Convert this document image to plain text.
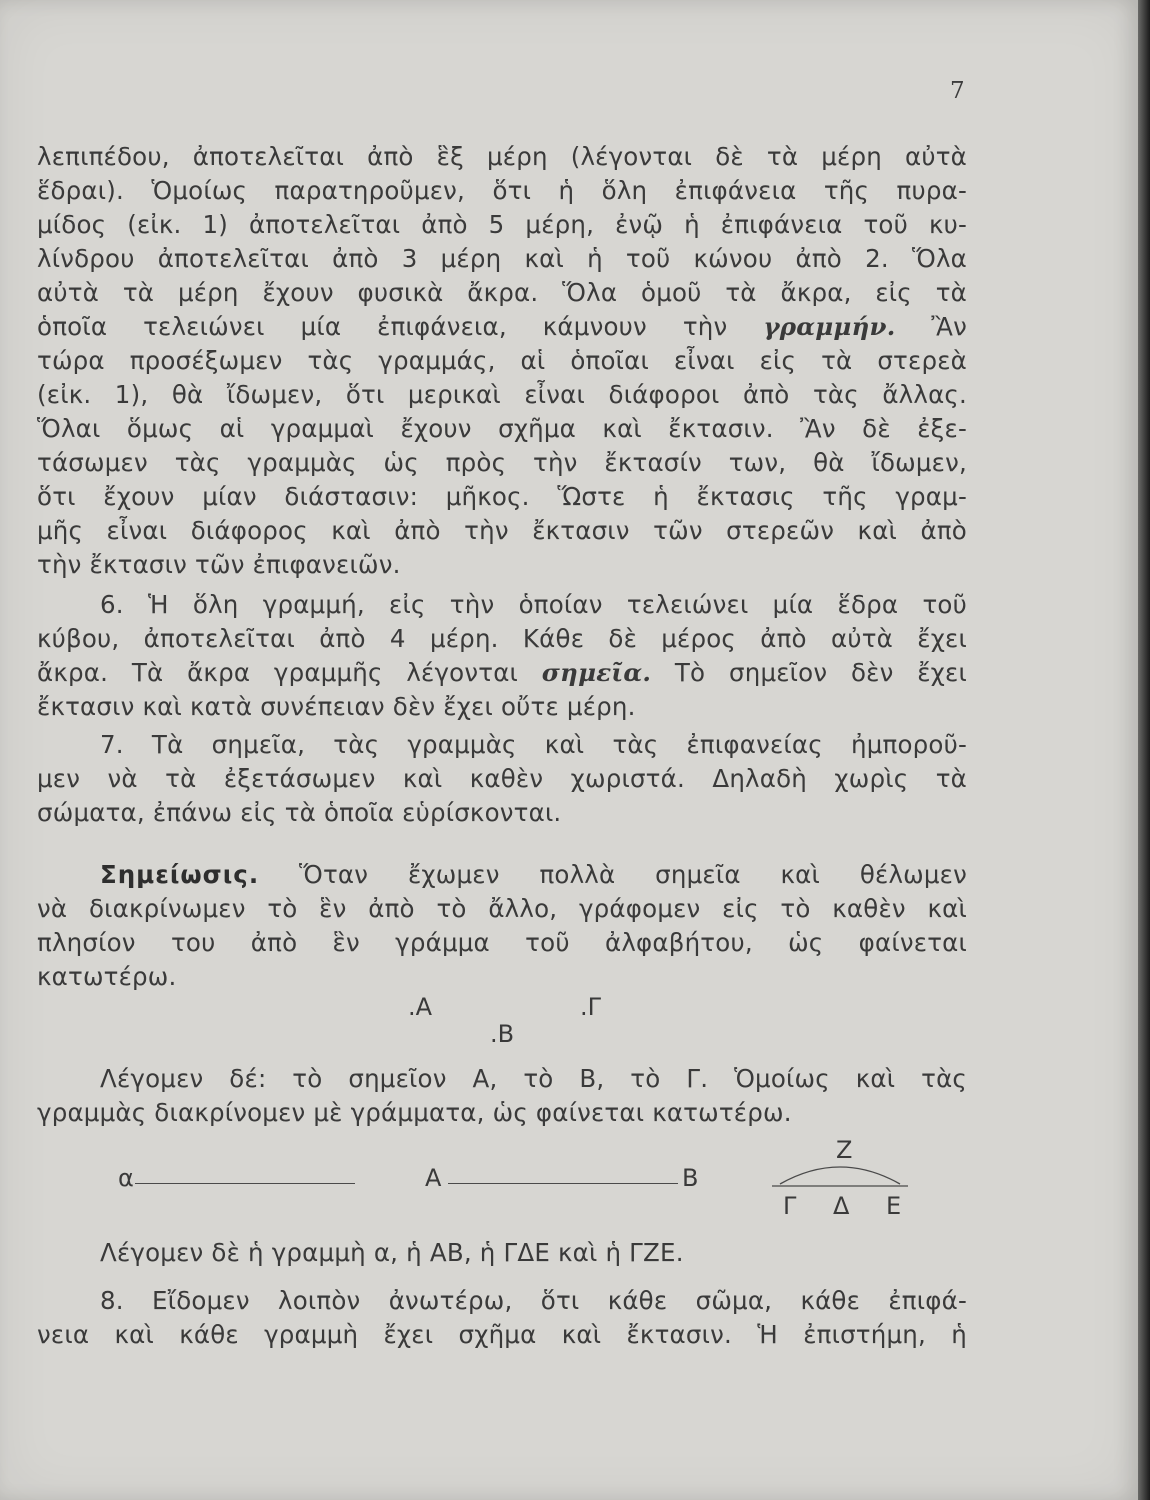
7
λεπιπέδου, ἀποτελεῖται ἀπὸ ἓξ μέρη (λέγονται δὲ τὰ μέρη αὐτὰ
ἕδραι). Ὁμοίως παρατηροῦμεν, ὅτι ἡ ὅλη ἐπιφάνεια τῆς πυρα-
μίδος (εἰκ. 1) ἀποτελεῖται ἀπὸ 5 μέρη, ἐνῷ ἡ ἐπιφάνεια τοῦ κυ-
λίνδρου ἀποτελεῖται ἀπὸ 3 μέρη καὶ ἡ τοῦ κώνου ἀπὸ 2. Ὅλα
αὐτὰ τὰ μέρη ἔχουν φυσικὰ ἄκρα. Ὅλα ὁμοῦ τὰ ἄκρα, εἰς τὰ
ὁποῖα τελειώνει μία ἐπιφάνεια, κάμνουν τὴν γραμμήν. Ἂν
τώρα προσέξωμεν τὰς γραμμάς, αἱ ὁποῖαι εἶναι εἰς τὰ στερεὰ
(εἰκ. 1), θὰ ἴδωμεν, ὅτι μερικαὶ εἶναι διάφοροι ἀπὸ τὰς ἄλλας.
Ὅλαι ὅμως αἱ γραμμαὶ ἔχουν σχῆμα καὶ ἔκτασιν. Ἂν δὲ ἐξε-
τάσωμεν τὰς γραμμὰς ὡς πρὸς τὴν ἔκτασίν των, θὰ ἴδωμεν,
ὅτι ἔχουν μίαν διάστασιν: μῆκος. Ὥστε ἡ ἔκτασις τῆς γραμ-
μῆς εἶναι διάφορος καὶ ἀπὸ τὴν ἔκτασιν τῶν στερεῶν καὶ ἀπὸ
τὴν ἔκτασιν τῶν ἐπιφανειῶν.
6. Ἡ ὅλη γραμμή, εἰς τὴν ὁποίαν τελειώνει μία ἕδρα τοῦ
κύβου, ἀποτελεῖται ἀπὸ 4 μέρη. Κάθε δὲ μέρος ἀπὸ αὐτὰ ἔχει
ἄκρα. Τὰ ἄκρα γραμμῆς λέγονται σημεῖα. Τὸ σημεῖον δὲν ἔχει
ἔκτασιν καὶ κατὰ συνέπειαν δὲν ἔχει οὔτε μέρη.
7. Τὰ σημεῖα, τὰς γραμμὰς καὶ τὰς ἐπιφανείας ἠμποροῦ-
μεν νὰ τὰ ἐξετάσωμεν καὶ καθὲν χωριστά. Δηλαδὴ χωρὶς τὰ
σώματα, ἐπάνω εἰς τὰ ὁποῖα εὑρίσκονται.
Σημείωσις. Ὅταν ἔχωμεν πολλὰ σημεῖα καὶ θέλωμεν
νὰ διακρίνωμεν τὸ ἓν ἀπὸ τὸ ἄλλο, γράφομεν εἰς τὸ καθὲν καὶ
πλησίον του ἀπὸ ἓν γράμμα τοῦ ἀλφαβήτου, ὡς φαίνεται
κατωτέρω.
.Α	.Γ
.Β
Λέγομεν δέ: τὸ σημεῖον Α, τὸ Β, τὸ Γ. Ὁμοίως καὶ τὰς
γραμμὰς διακρίνομεν μὲ γράμματα, ὡς φαίνεται κατωτέρω.
α	Α	Β
Ζ
Γ Δ Ε
Λέγομεν δὲ ἡ γραμμὴ α, ἡ ΑΒ, ἡ ΓΔΕ καὶ ἡ ΓΖΕ.
8. Εἴδομεν λοιπὸν ἀνωτέρω, ὅτι κάθε σῶμα, κάθε ἐπιφά-
νεια καὶ κάθε γραμμὴ ἔχει σχῆμα καὶ ἔκτασιν. Ἡ ἐπιστήμη, ἡ
